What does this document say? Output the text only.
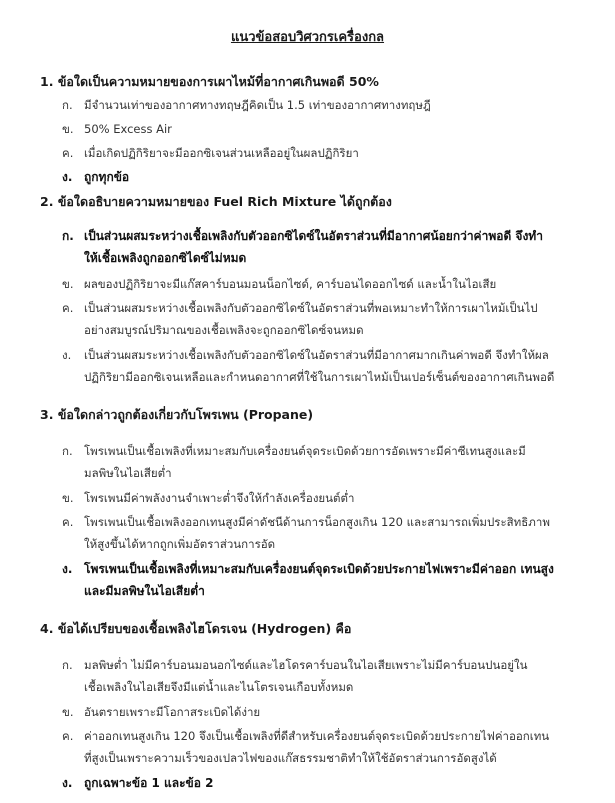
แนวข้อสอบวิศวกรเครื่องกล
1. ข้อใดเป็นความหมายของการเผาไหม้ที่อากาศเกินพอดี 50%
ก. มีจำนวนเท่าของอากาศทางทฤษฎีคิดเป็น 1.5 เท่าของอากาศทางทฤษฎี
ข. 50% Excess Air
ค. เมื่อเกิดปฏิกิริยาจะมีออกซิเจนส่วนเหลืออยู่ในผลปฏิกิริยา
ง. ถูกทุกข้อ
2. ข้อใดอธิบายความหมายของ Fuel Rich Mixture ได้ถูกต้อง
ก. เป็นส่วนผสมระหว่างเชื้อเพลิงกับตัวออกซิไดซ์ในอัตราส่วนที่มีอากาศน้อยกว่าค่าพอดี จึงทำ
ให้เชื้อเพลิงถูกออกซิไดซ์ไม่หมด
ข. ผลของปฏิกิริยาจะมีแก๊สคาร์บอนมอนน็อกไซด์, คาร์บอนไดออกไซด์ และน้ำในไอเสีย
ค. เป็นส่วนผสมระหว่างเชื้อเพลิงกับตัวออกซิไดซ์ในอัตราส่วนที่พอเหมาะทำให้การเผาไหม้เป็นไป
อย่างสมบูรณ์ปริมาณของเชื้อเพลิงจะถูกออกซิไดซ์จนหมด
ง. เป็นส่วนผสมระหว่างเชื้อเพลิงกับตัวออกซิไดซ์ในอัตราส่วนที่มีอากาศมากเกินค่าพอดี จึงทำให้ผล
ปฏิกิริยามีออกซิเจนเหลือและกำหนดอากาศที่ใช้ในการเผาไหม้เป็นเปอร์เซ็นต์ของอากาศเกินพอดี
3. ข้อใดกล่าวถูกต้องเกี่ยวกับโพรเพน (Propane)
ก. โพรเพนเป็นเชื้อเพลิงที่เหมาะสมกับเครื่องยนต์จุดระเบิดด้วยการอัดเพราะมีค่าซีเทนสูงและมี
มลพิษในไอเสียต่ำ
ข. โพรเพนมีค่าพลังงานจำเพาะต่ำจึงให้กำลังเครื่องยนต์ต่ำ
ค. โพรเพนเป็นเชื้อเพลิงออกเทนสูงมีค่าดัชนีด้านการน็อกสูงเกิน 120 และสามารถเพิ่มประสิทธิภาพ
ให้สูงขึ้นได้หากถูกเพิ่มอัตราส่วนการอัด
ง. โพรเพนเป็นเชื้อเพลิงที่เหมาะสมกับเครื่องยนต์จุดระเบิดด้วยประกายไฟเพราะมีค่าออก เทนสูง
และมีมลพิษในไอเสียต่ำ
4. ข้อได้เปรียบของเชื้อเพลิงไฮโดรเจน (Hydrogen) คือ
ก. มลพิษต่ำ ไม่มีคาร์บอนมอนอกไซด์และไฮโดรคาร์บอนในไอเสียเพราะไม่มีคาร์บอนปนอยู่ใน
เชื้อเพลิงในไอเสียจึงมีแต่น้ำและไนโตรเจนเกือบทั้งหมด
ข. อันตรายเพราะมีโอกาสระเบิดได้ง่าย
ค. ค่าออกเทนสูงเกิน 120 จึงเป็นเชื้อเพลิงที่ดีสำหรับเครื่องยนต์จุดระเบิดด้วยประกายไฟค่าออกเทน
ที่สูงเป็นเพราะความเร็วของเปลวไฟของแก๊สธรรมชาติทำให้ใช้อัตราส่วนการอัดสูงได้
ง. ถูกเฉพาะข้อ 1 และข้อ 2
